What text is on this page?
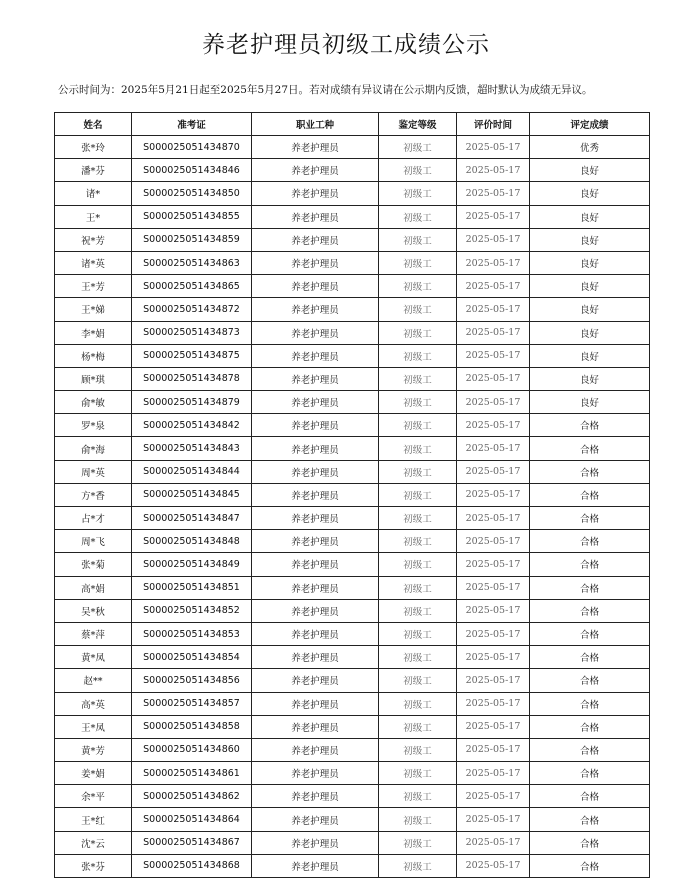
养老护理员初级工成绩公示
公示时间为：2025年5月21日起至2025年5月27日。若对成绩有异议请在公示期内反馈，超时默认为成绩无异议。
姓名	准考证	职业工种	鉴定等级	评价时间	评定成绩
张*玲	S000025051434870	养老护理员	初级工	2025-05-17	优秀
潘*芬	S000025051434846	养老护理员	初级工	2025-05-17	良好
诸*	S000025051434850	养老护理员	初级工	2025-05-17	良好
王*	S000025051434855	养老护理员	初级工	2025-05-17	良好
祝*芳	S000025051434859	养老护理员	初级工	2025-05-17	良好
诸*英	S000025051434863	养老护理员	初级工	2025-05-17	良好
王*芳	S000025051434865	养老护理员	初级工	2025-05-17	良好
王*娣	S000025051434872	养老护理员	初级工	2025-05-17	良好
李*娟	S000025051434873	养老护理员	初级工	2025-05-17	良好
杨*梅	S000025051434875	养老护理员	初级工	2025-05-17	良好
顾*琪	S000025051434878	养老护理员	初级工	2025-05-17	良好
俞*敏	S000025051434879	养老护理员	初级工	2025-05-17	良好
罗*泉	S000025051434842	养老护理员	初级工	2025-05-17	合格
俞*海	S000025051434843	养老护理员	初级工	2025-05-17	合格
周*英	S000025051434844	养老护理员	初级工	2025-05-17	合格
方*香	S000025051434845	养老护理员	初级工	2025-05-17	合格
占*才	S000025051434847	养老护理员	初级工	2025-05-17	合格
周*飞	S000025051434848	养老护理员	初级工	2025-05-17	合格
张*菊	S000025051434849	养老护理员	初级工	2025-05-17	合格
高*娟	S000025051434851	养老护理员	初级工	2025-05-17	合格
吴*秋	S000025051434852	养老护理员	初级工	2025-05-17	合格
蔡*萍	S000025051434853	养老护理员	初级工	2025-05-17	合格
黄*凤	S000025051434854	养老护理员	初级工	2025-05-17	合格
赵**	S000025051434856	养老护理员	初级工	2025-05-17	合格
高*英	S000025051434857	养老护理员	初级工	2025-05-17	合格
王*凤	S000025051434858	养老护理员	初级工	2025-05-17	合格
黄*芳	S000025051434860	养老护理员	初级工	2025-05-17	合格
姜*娟	S000025051434861	养老护理员	初级工	2025-05-17	合格
余*平	S000025051434862	养老护理员	初级工	2025-05-17	合格
王*红	S000025051434864	养老护理员	初级工	2025-05-17	合格
沈*云	S000025051434867	养老护理员	初级工	2025-05-17	合格
张*芬	S000025051434868	养老护理员	初级工	2025-05-17	合格
